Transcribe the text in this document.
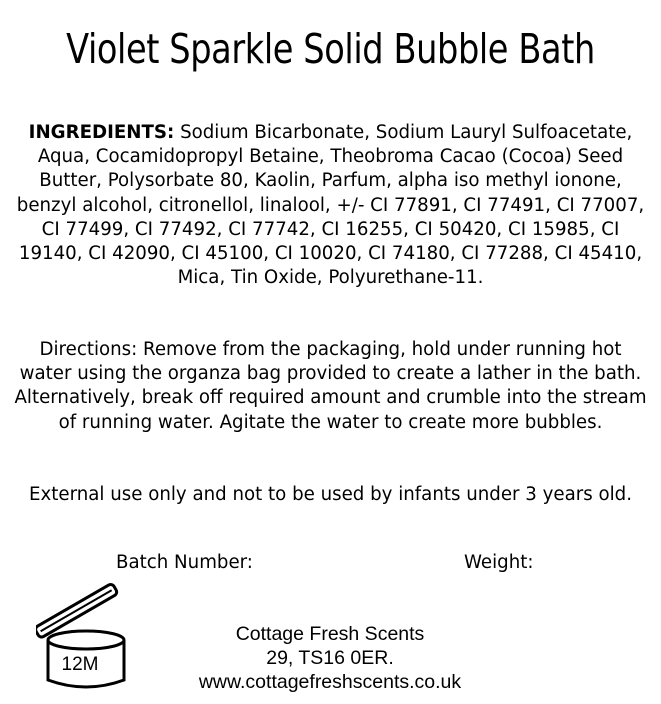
Violet Sparkle Solid Bubble Bath
INGREDIENTS: Sodium Bicarbonate, Sodium Lauryl Sulfoacetate, Aqua, Cocamidopropyl Betaine, Theobroma Cacao (Cocoa) Seed Butter, Polysorbate 80, Kaolin, Parfum, alpha iso methyl ionone, benzyl alcohol, citronellol, linalool, +/- CI 77891, CI 77491, CI 77007, CI 77499, CI 77492, CI 77742, CI 16255, CI 50420, CI 15985, CI 19140, CI 42090, CI 45100, CI 10020, CI 74180, CI 77288, CI 45410, Mica, Tin Oxide, Polyurethane-11.
Directions: Remove from the packaging, hold under running hot water using the organza bag provided to create a lather in the bath. Alternatively, break off required amount and crumble into the stream of running water. Agitate the water to create more bubbles.
External use only and not to be used by infants under 3 years old.
Batch Number:	Weight:
12M
Cottage Fresh Scents
29, TS16 0ER.
www.cottagefreshscents.co.uk
